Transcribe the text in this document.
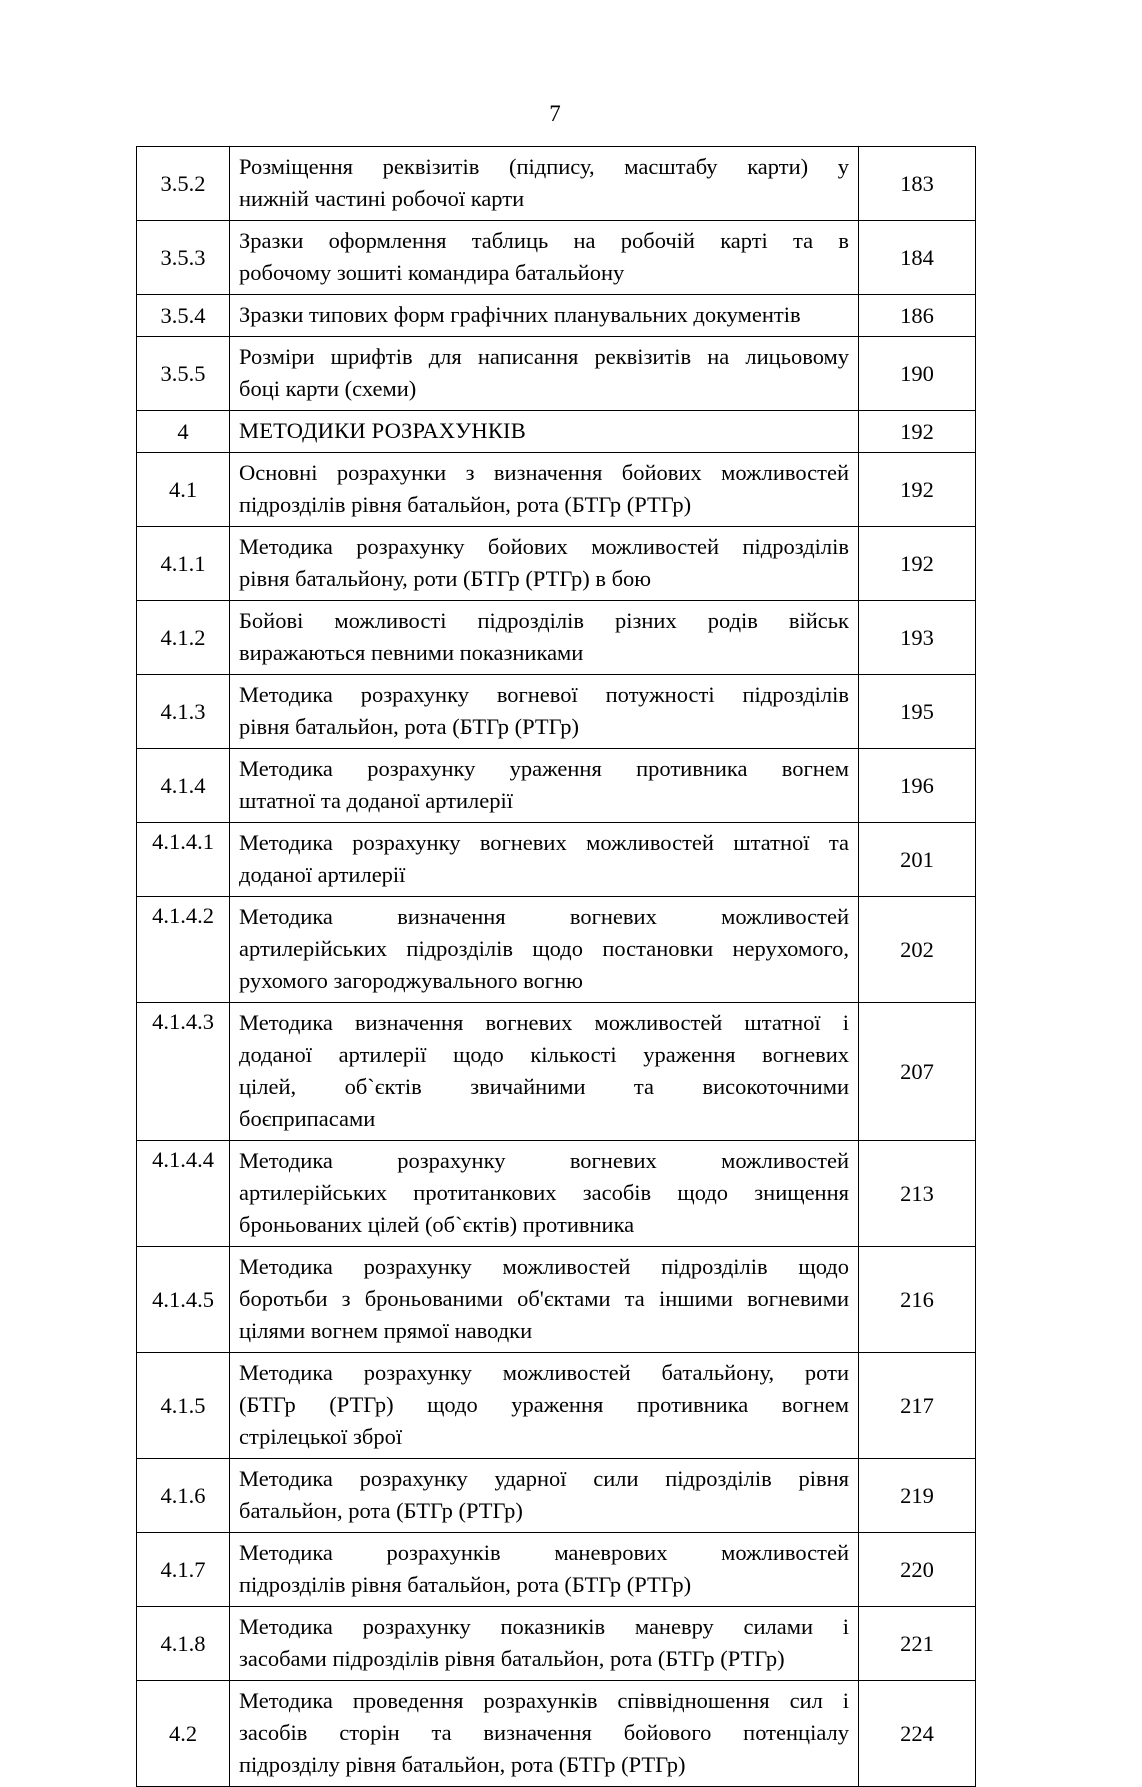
7
3.5.2	Розміщення реквізитів (підпису, масштабу карти) у
нижній частині робочої карти	183

3.5.3	Зразки оформлення таблиць на робочій карті та в
робочому зошиті командира батальйону	184

3.5.4	Зразки типових форм графічних планувальних документів	186

3.5.5	Розміри шрифтів для написання реквізитів на лицьовому
боці карти (схеми)	190

4	МЕТОДИКИ РОЗРАХУНКІВ	192

4.1	Основні розрахунки з визначення бойових можливостей
підрозділів рівня батальйон, рота (БТГр (РТГр)	192

4.1.1	Методика розрахунку бойових можливостей підрозділів
рівня батальйону, роти (БТГр (РТГр) в бою	192

4.1.2	Бойові можливості підрозділів різних родів військ
виражаються певними показниками	193

4.1.3	Методика розрахунку вогневої потужності підрозділів
рівня батальйон, рота (БТГр (РТГр)	195

4.1.4	Методика розрахунку ураження противника вогнем
штатної та доданої артилерії	196

4.1.4.1	Методика розрахунку вогневих можливостей штатної та
доданої артилерії	201

4.1.4.2	Методика визначення вогневих можливостей
артилерійських підрозділів щодо постановки нерухомого,
рухомого загороджувального вогню	202

4.1.4.3	Методика визначення вогневих можливостей штатної і
доданої артилерії щодо кількості ураження вогневих
цілей, об`єктів звичайними та високоточними
боєприпасами	207

4.1.4.4	Методика розрахунку вогневих можливостей
артилерійських протитанкових засобів щодо знищення
броньованих цілей (об`єктів) противника	213

4.1.4.5	Методика розрахунку можливостей підрозділів щодо
боротьби з броньованими об'єктами та іншими вогневими
цілями вогнем прямої наводки	216

4.1.5	Методика розрахунку можливостей батальйону, роти
(БТГр (РТГр) щодо ураження противника вогнем
стрілецької зброї	217

4.1.6	Методика розрахунку ударної сили підрозділів рівня
батальйон, рота (БТГр (РТГр)	219

4.1.7	Методика розрахунків маневрових можливостей
підрозділів рівня батальйон, рота (БТГр (РТГр)	220

4.1.8	Методика розрахунку показників маневру силами і
засобами підрозділів рівня батальйон, рота (БТГр (РТГр)	221

4.2	Методика проведення розрахунків співвідношення сил і
засобів сторін та визначення бойового потенціалу
підрозділу рівня батальйон, рота (БТГр (РТГр)	224
